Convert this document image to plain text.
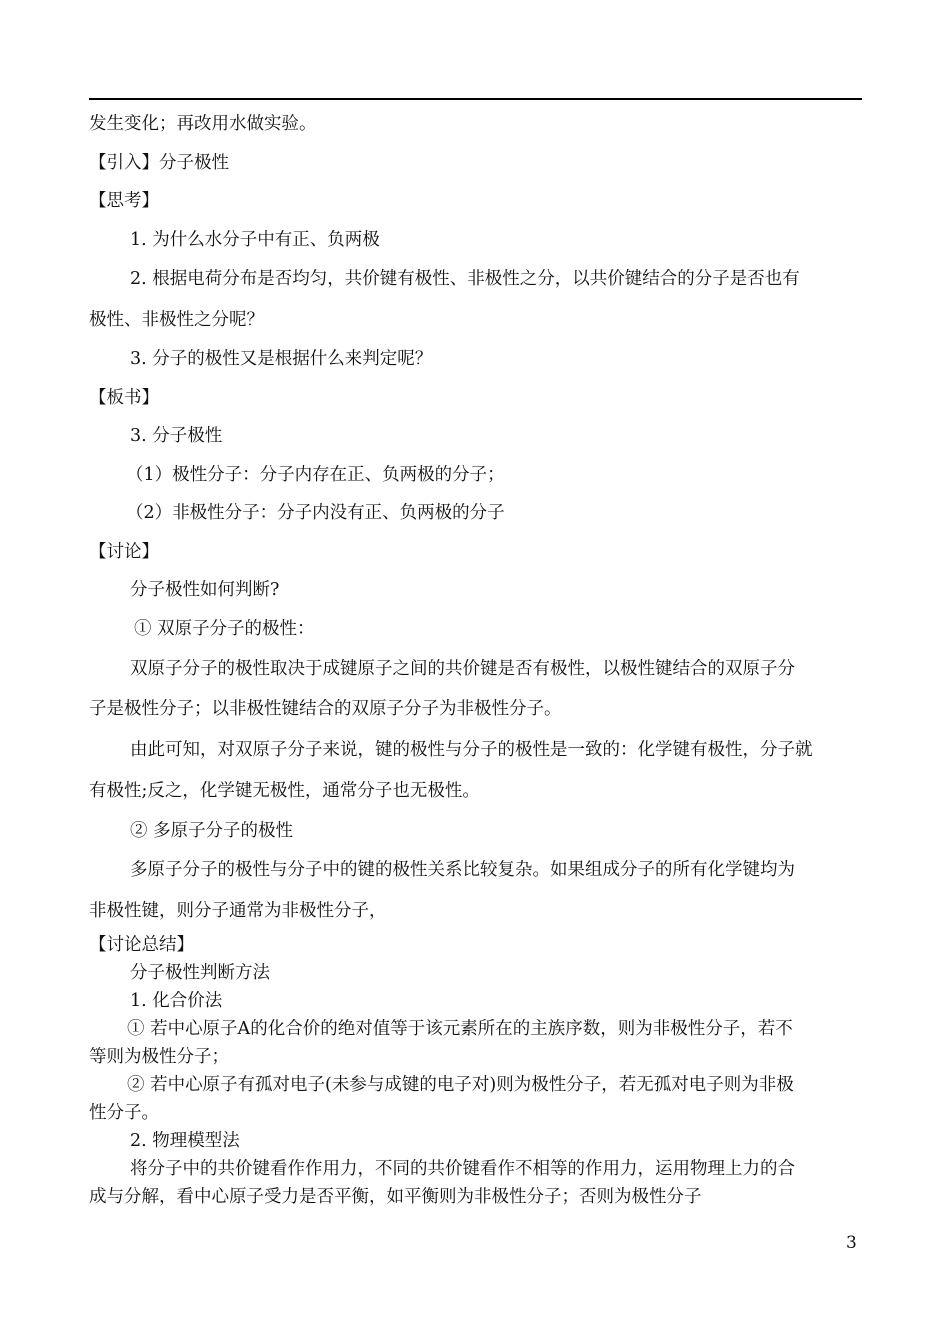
发生变化；再改用水做实验。

【引入】分子极性

【思考】

1. 为什么水分子中有正、负两极

2. 根据电荷分布是否均匀，共价键有极性、非极性之分，以共价键结合的分子是否也有

极性、非极性之分呢？

3. 分子的极性又是根据什么来判定呢？

【板书】

3. 分子极性

（1）极性分子：分子内存在正、负两极的分子；

（2）非极性分子：分子内没有正、负两极的分子

【讨论】

分子极性如何判断?

① 双原子分子的极性：

双原子分子的极性取决于成键原子之间的共价键是否有极性，以极性键结合的双原子分

子是极性分子；以非极性键结合的双原子分子为非极性分子。

由此可知，对双原子分子来说，键的极性与分子的极性是一致的：化学键有极性，分子就

有极性;反之，化学键无极性，通常分子也无极性。

② 多原子分子的极性

多原子分子的极性与分子中的键的极性关系比较复杂。如果组成分子的所有化学键均为

非极性键，则分子通常为非极性分子，

【讨论总结】

分子极性判断方法

1. 化合价法

① 若中心原子A的化合价的绝对值等于该元素所在的主族序数，则为非极性分子，若不

等则为极性分子；

② 若中心原子有孤对电子(未参与成键的电子对)则为极性分子，若无孤对电子则为非极

性分子。

2. 物理模型法

将分子中的共价键看作作用力，不同的共价键看作不相等的作用力，运用物理上力的合

成与分解，看中心原子受力是否平衡，如平衡则为非极性分子；否则为极性分子

3
